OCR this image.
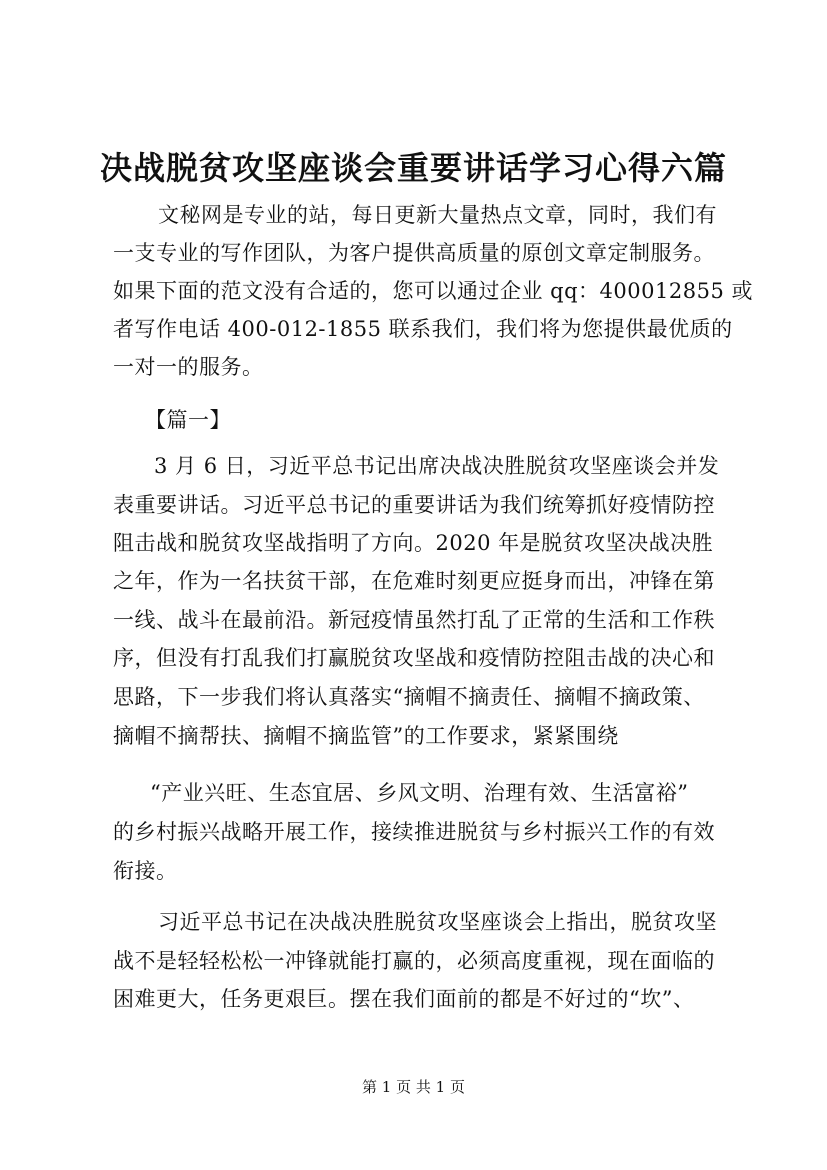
决战脱贫攻坚座谈会重要讲话学习心得六篇
文秘网是专业的站，每日更新大量热点文章，同时，我们有
一支专业的写作团队，为客户提供高质量的原创文章定制服务。
如果下面的范文没有合适的，您可以通过企业 qq：400012855 或
者写作电话 400-012-1855 联系我们，我们将为您提供最优质的
一对一的服务。
【篇一】
3 月 6 日，习近平总书记出席决战决胜脱贫攻坚座谈会并发
表重要讲话。习近平总书记的重要讲话为我们统筹抓好疫情防控
阻击战和脱贫攻坚战指明了方向。2020 年是脱贫攻坚决战决胜
之年，作为一名扶贫干部，在危难时刻更应挺身而出，冲锋在第
一线、战斗在最前沿。新冠疫情虽然打乱了正常的生活和工作秩
序，但没有打乱我们打赢脱贫攻坚战和疫情防控阻击战的决心和
思路，下一步我们将认真落实“摘帽不摘责任、摘帽不摘政策、
摘帽不摘帮扶、摘帽不摘监管”的工作要求，紧紧围绕
“产业兴旺、生态宜居、乡风文明、治理有效、生活富裕”
的乡村振兴战略开展工作，接续推进脱贫与乡村振兴工作的有效
衔接。
习近平总书记在决战决胜脱贫攻坚座谈会上指出，脱贫攻坚
战不是轻轻松松一冲锋就能打赢的，必须高度重视，现在面临的
困难更大，任务更艰巨。摆在我们面前的都是不好过的“坎”、
第 1 页 共 1 页
